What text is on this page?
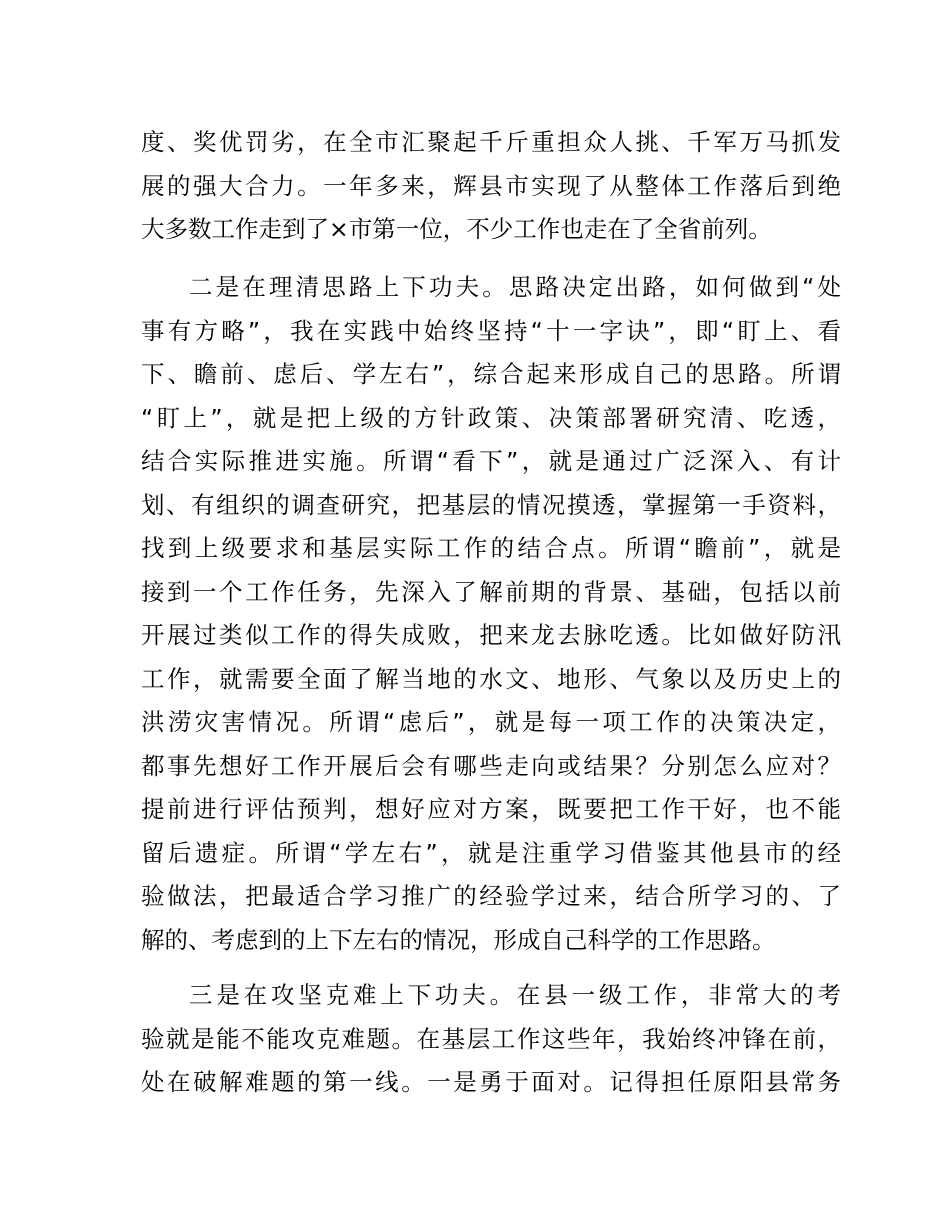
度、奖优罚劣，在全市汇聚起千斤重担众人挑、千军万马抓发
展的强大合力。一年多来，辉县市实现了从整体工作落后到绝
大多数工作走到了×市第一位，不少工作也走在了全省前列。
二是在理清思路上下功夫。思路决定出路，如何做到“处
事有方略”，我在实践中始终坚持“十一字诀”，即“盯上、看
下、瞻前、虑后、学左右”，综合起来形成自己的思路。所谓
“盯上”，就是把上级的方针政策、决策部署研究清、吃透，
结合实际推进实施。所谓“看下”，就是通过广泛深入、有计
划、有组织的调查研究，把基层的情况摸透，掌握第一手资料，
找到上级要求和基层实际工作的结合点。所谓“瞻前”，就是
接到一个工作任务，先深入了解前期的背景、基础，包括以前
开展过类似工作的得失成败，把来龙去脉吃透。比如做好防汛
工作，就需要全面了解当地的水文、地形、气象以及历史上的
洪涝灾害情况。所谓“虑后”，就是每一项工作的决策决定，
都事先想好工作开展后会有哪些走向或结果？分别怎么应对？
提前进行评估预判，想好应对方案，既要把工作干好，也不能
留后遗症。所谓“学左右”，就是注重学习借鉴其他县市的经
验做法，把最适合学习推广的经验学过来，结合所学习的、了
解的、考虑到的上下左右的情况，形成自己科学的工作思路。
三是在攻坚克难上下功夫。在县一级工作，非常大的考
验就是能不能攻克难题。在基层工作这些年，我始终冲锋在前，
处在破解难题的第一线。一是勇于面对。记得担任原阳县常务
